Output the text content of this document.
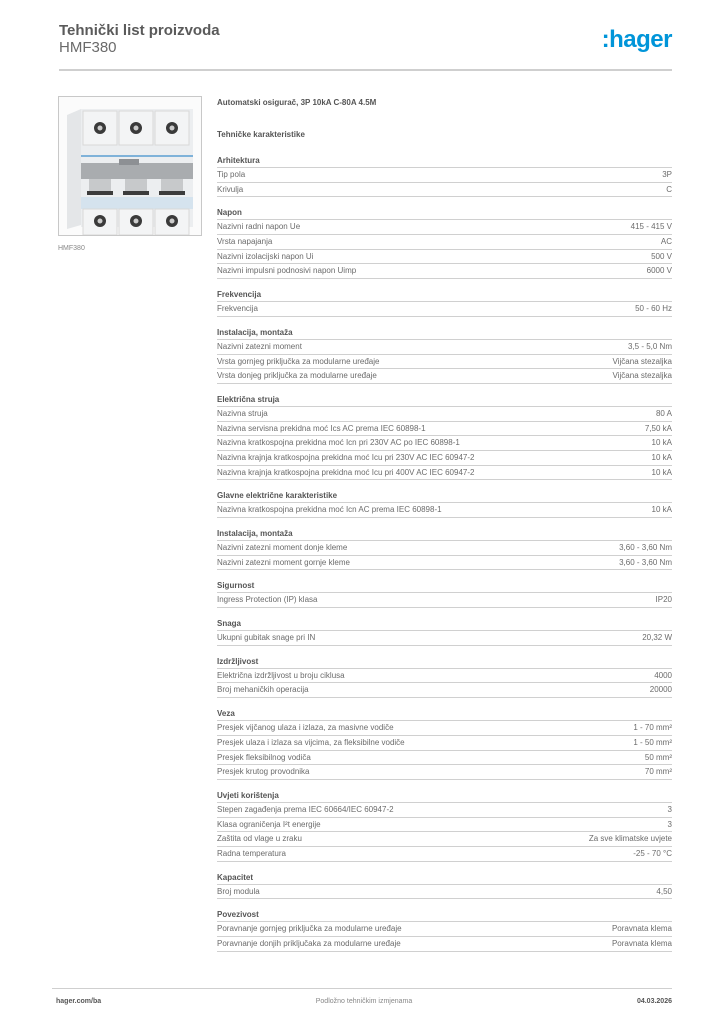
Tehnički list proizvoda
HMF380	:hager
HMF380
Automatski osigurač, 3P 10kA C-80A 4.5M
Tehničke karakteristike
Arhitektura
Tip pola	3P
Krivulja	C
Napon
Nazivni radni napon Ue	415 - 415 V
Vrsta napajanja	AC
Nazivni izolacijski napon Ui	500 V
Nazivni impulsni podnosivi napon Uimp	6000 V
Frekvencija
Frekvencija	50 - 60 Hz
Instalacija, montaža
Nazivni zatezni moment	3,5 - 5,0 Nm
Vrsta gornjeg priključka za modularne uređaje	Vijčana stezaljka
Vrsta donjeg priključka za modularne uređaje	Vijčana stezaljka
Električna struja
Nazivna struja	80 A
Nazivna servisna prekidna moć Ics AC prema IEC 60898-1	7,50 kA
Nazivna kratkospojna prekidna moć Icn pri 230V AC po IEC 60898-1	10 kA
Nazivna krajnja kratkospojna prekidna moć Icu pri 230V AC IEC 60947-2	10 kA
Nazivna krajnja kratkospojna prekidna moć Icu pri 400V AC IEC 60947-2	10 kA
Glavne električne karakteristike
Nazivna kratkospojna prekidna moć Icn AC prema IEC 60898-1	10 kA
Instalacija, montaža
Nazivni zatezni moment donje kleme	3,60 - 3,60 Nm
Nazivni zatezni moment gornje kleme	3,60 - 3,60 Nm
Sigurnost
Ingress Protection (IP) klasa	IP20
Snaga
Ukupni gubitak snage pri IN	20,32 W
Izdržljivost
Električna izdržljivost u broju ciklusa	4000
Broj mehaničkih operacija	20000
Veza
Presjek vijčanog ulaza i izlaza, za masivne vodiče	1 - 70 mm²
Presjek ulaza i izlaza sa vijcima, za fleksibilne vodiče	1 - 50 mm²
Presjek fleksibilnog vodiča	50 mm²
Presjek krutog provodnika	70 mm²
Uvjeti korištenja
Stepen zagađenja prema IEC 60664/IEC 60947-2	3
Klasa ograničenja I²t energije	3
Zaštita od vlage u zraku	Za sve klimatske uvjete
Radna temperatura	-25 - 70 °C
Kapacitet
Broj modula	4,50
Povezivost
Poravnanje gornjeg priključka za modularne uređaje	Poravnata klema
Poravnanje donjih priključaka za modularne uređaje	Poravnata klema
hager.com/ba	Podložno tehničkim izmjenama	04.03.2026
